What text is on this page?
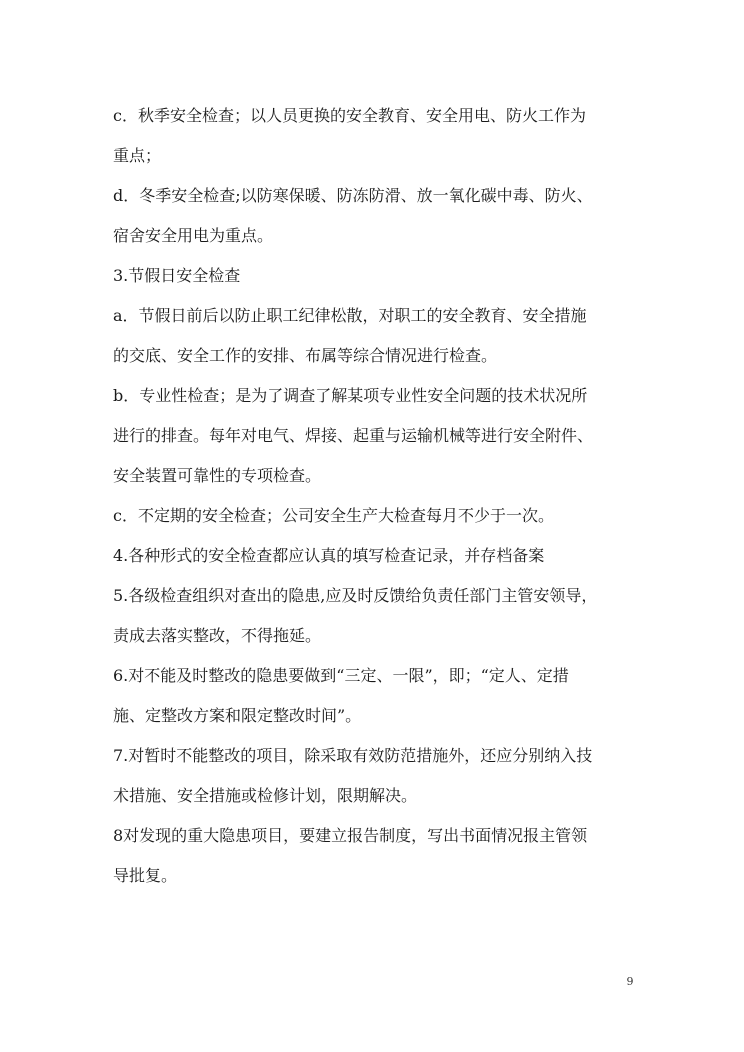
c．秋季安全检查；以人员更换的安全教育、安全用电、防火工作为
重点；
d．冬季安全检查;以防寒保暖、防冻防滑、放一氧化碳中毒、防火、
宿舍安全用电为重点。
3.节假日安全检查
a．节假日前后以防止职工纪律松散，对职工的安全教育、安全措施
的交底、安全工作的安排、布属等综合情况进行检查。
b．专业性检查；是为了调查了解某项专业性安全问题的技术状况所
进行的排查。每年对电气、焊接、起重与运输机械等进行安全附件、
安全装置可靠性的专项检查。
c．不定期的安全检查；公司安全生产大检查每月不少于一次。
4.各种形式的安全检查都应认真的填写检查记录，并存档备案
5.各级检查组织对查出的隐患,应及时反馈给负责任部门主管安领导，
责成去落实整改，不得拖延。
6.对不能及时整改的隐患要做到“三定、一限”，即；“定人、定措
施、定整改方案和限定整改时间”。
7.对暂时不能整改的项目，除采取有效防范措施外，还应分别纳入技
术措施、安全措施或检修计划，限期解决。
8对发现的重大隐患项目，要建立报告制度，写出书面情况报主管领
导批复。
9
